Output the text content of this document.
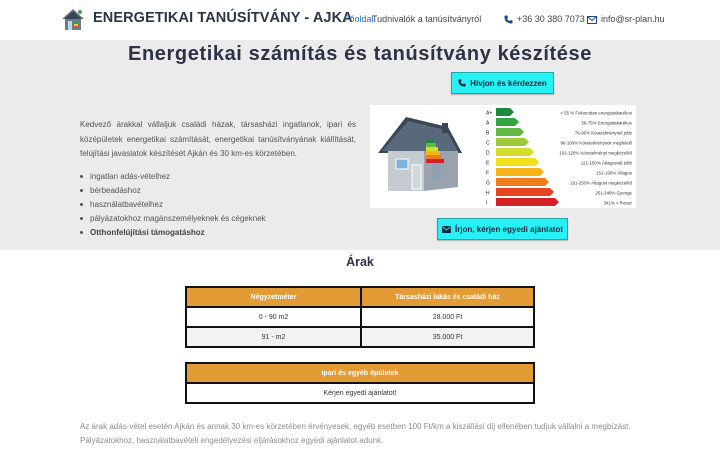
ENERGETIKAI TANÚSÍTVÁNY - AJKA
Főoldal
Tudnivalók a tanúsítványról	+36 30 380 7073	info@sr-plan.hu
Energetikai számítás és tanúsítvány készítése
Hívjon és kérdezzen
Kedvező árakkal vállaljuk családi házak, társasházi ingatlanok, ipari és középületek energetikai számítását, energetikai tanúsítványának kiállítását, felújítási javaslatok készítését Ajkán és 30 km-es körzetében.
ingatlan adás-vételhez
bérbeadáshoz
használatbavételhez
pályázatokhoz magánszemélyeknek és cégeknek
Otthonfelújítási támogatáshoz
A+	< 55 % Fokozottan energiatakarékos
A	56-75% Energiatakarékos
B	76-95% Követelménynél jobb
C	96-100% Követelménynek megfelelő
D	101-120% Követelményt megközelítő
E	121-150% Átlagosnál jobb
F	151-190% Átlagos
G	191-250% Átlagost megközelítő
H	251-340% Gyenge
I	341% < Rossz
Írjon, kérjen egyedi ajánlatot
Árak
Négyzetméter	Társasházi lakás és családi ház
0 - 90 m2	28.000 Ft
91 - m2	35.000 Ft
Ipari és egyéb épületek
Kérjen egyedi ajánlatot!
Az árak adás-vétel esetén Ajkán és annak 30 km-es körzetében érvényesek, egyéb esetben 100 Ft/km a kiszállási díj ellenében tudjuk vállalni a megbízást. Pályázatokhoz, használatbavételi engedélyezési eljárásokhoz egyedi ajánlatot adunk.
